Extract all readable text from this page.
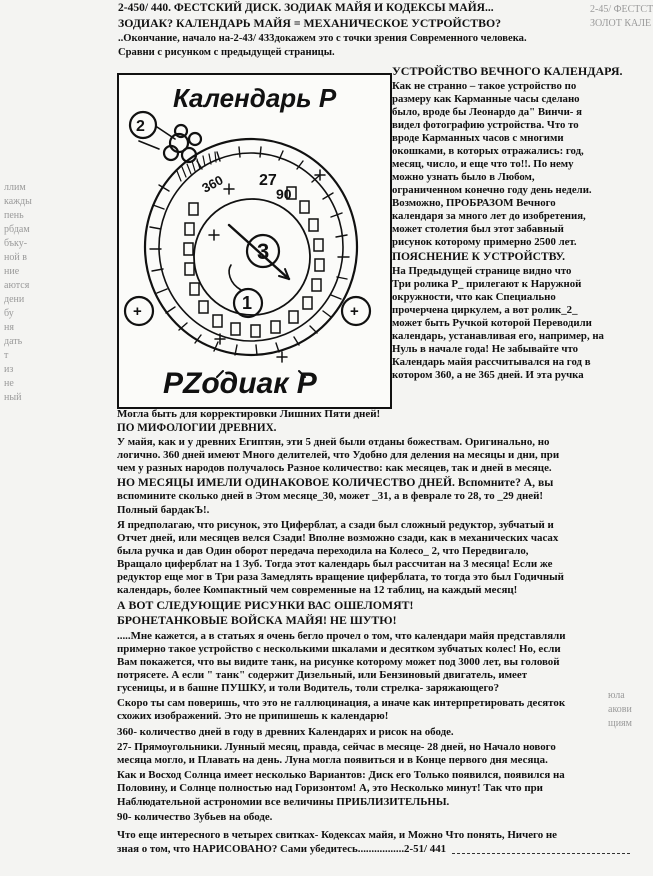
ллим
кажды
пень
рбдам
бъку-
ной в
ние
аются
дени
бу
ня
дать
т
из
не
ный
2-45/ ФЕСТСТ
ЗОЛОТ КАЛЕ
юла
акови
щиям
2-450/ 440. ФЕСТСКИЙ ДИСК. ЗОДИАК МАЙЯ И КОДЕКСЫ МАЙЯ...
ЗОДИАК? КАЛЕНДАРЬ МАЙЯ = МЕХАНИЧЕСКОЕ УСТРОЙСТВО?
..Окончание, начало на-2-43/ 433докажем это с точки зрения Современного человека.
Сравни с рисунком с предыдущей страницы.
Календарь Р
РZодиак Р
2
1
3
360 27
90
+	+
УСТРОЙСТВО ВЕЧНОГО КАЛЕНДАРЯ.
Как не странно – такое устройство по
размеру как Карманные часы сделано
было, вроде бы Леонардо да" Винчи- я
видел фотографию устройства. Что то
вроде Карманных часов с многими
окошками, в которых отражались: год,
месяц, число, и еще что то!!. По нему
можно узнать было в Любом,
ограниченном конечно году день недели.
Возможно, ПРОБРАЗОМ Вечного
календаря за много лет до изобретения,
может столетия был этот забавный
рисунок которому примерно 2500 лет.
ПОЯСНЕНИЕ К УСТРОЙСТВУ.
На Предыдущей странице видно что
Три ролика Р_ прилегают к Наружной
окружности, что как Специально
прочерчена циркулем, а вот ролик_2_
может быть Ручкой которой Переводили
календарь, устанавливая его, например, на
Нуль в начале года! Не забывайте что
Календарь майя рассчитывался на год в
котором 360, а не 365 дней. И эта ручка
Могла быть для корректировки Лишних Пяти дней!
ПО МИФОЛОГИИ ДРЕВНИХ.
У майя, как и у древних Египтян, эти 5 дней были отданы божествам. Оригинально, но
логично. 360 дней имеют Много делителей, что Удобно для деления на месяцы и дни, при
чем у разных народов получалось Разное количество: как месяцев, так и дней в месяце.
НО МЕСЯЦЫ ИМЕЛИ ОДИНАКОВОЕ КОЛИЧЕСТВО ДНЕЙ. Вспомните? А, вы
вспомините сколько дней в Этом месяце_30, может _31, а в феврале то 28, то _29 дней!
Полный бардакЪ!.
Я предполагаю, что рисунок, это Циферблат, а сзади был сложный редуктор, зубчатый и
Отчет дней, или месяцев велся Сзади! Вполне возможно сзади, как в механических часах
была ручка и дав Один оборот передача переходила на Колесо_ 2, что Передвигало,
Вращало циферблат на 1 Зуб. Тогда этот календарь был рассчитан на 3 месяца! Если же
редуктор еще мог в Три раза Замедлять вращение циферблата, то тогда это был Годичный
календарь, более Компактный чем современные на 12 таблиц, на каждый месяц!
А ВОТ СЛЕДУЮЩИЕ РИСУНКИ ВАС ОШЕЛОМЯТ!
БРОНЕТАНКОВЫЕ ВОЙСКА МАЙЯ! НЕ ШУТЮ!
.....Мне кажется, а в статьях я очень бегло прочел о том, что календари майя представляли
примерно такое устройство с несколькими шкалами и десятком зубчатых колес! Но, если
Вам покажется, что вы видите танк, на рисунке которому может под 3000 лет, вы головой
потрясете. А если " танк" содержит Дизельный, или Бензиновый двигатель, имеет
гусеницы, и в башне ПУШКУ, и толи Водитель, толи стрелка- заряжающего?
Скоро ты сам поверишь, что это не галлюцинация, а иначе как интерпретировать десяток
схожих изображений. Это не припишешь к календарю!
360- количество дней в году в древних Календарях и рисок на ободе.
27- Прямоугольники. Лунный месяц, правда, сейчас в месяце- 28 дней, но Начало нового
месяца могло, и Плавать на день. Луна могла появиться и в Конце первого дня месяца.
Как и Восход Солнца имеет несколько Вариантов: Диск его Только появился, появился на
Половину, и Солнце полностью над Горизонтом! А, это Несколько минут! Так что при
Наблюдательной астрономии все величины ПРИБЛИЗИТЕЛЬНЫ.
90- количество Зубьев на ободе.
Что еще интересного в четырех свитках- Кодексах майя, и Можно Что понять, Ничего не
зная о том, что НАРИСОВАНО? Сами убедитесь.................2-51/ 441
